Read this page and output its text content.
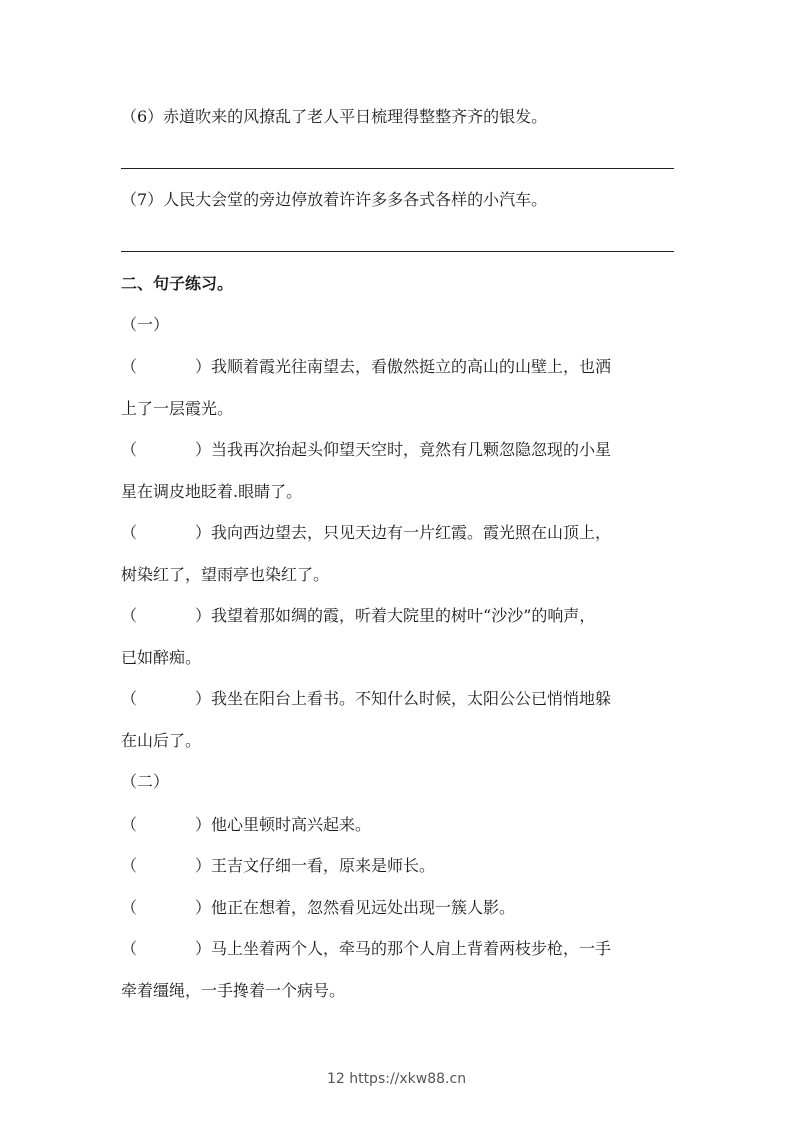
（6）赤道吹来的风撩乱了老人平日梳理得整整齐齐的银发。
（7）人民大会堂的旁边停放着许许多多各式各样的小汽车。
二、句子练习。
（一）
（	）我顺着霞光往南望去，看傲然挺立的高山的山壁上，也洒
上了一层霞光。
（	）当我再次抬起头仰望天空时，竟然有几颗忽隐忽现的小星
星在调皮地眨着.眼睛了。
（	）我向西边望去，只见天边有一片红霞。霞光照在山顶上，
树染红了，望雨亭也染红了。
（	）我望着那如绸的霞，听着大院里的树叶“沙沙”的响声，
已如醉痴。
（	）我坐在阳台上看书。不知什么时候，太阳公公已悄悄地躲
在山后了。
（二）
（	）他心里顿时高兴起来。
（	）王吉文仔细一看，原来是师长。
（	）他正在想着，忽然看见远处出现一簇人影。
（	）马上坐着两个人，牵马的那个人肩上背着两枝步枪，一手
牵着缰绳，一手搀着一个病号。
12 https://xkw88.cn
